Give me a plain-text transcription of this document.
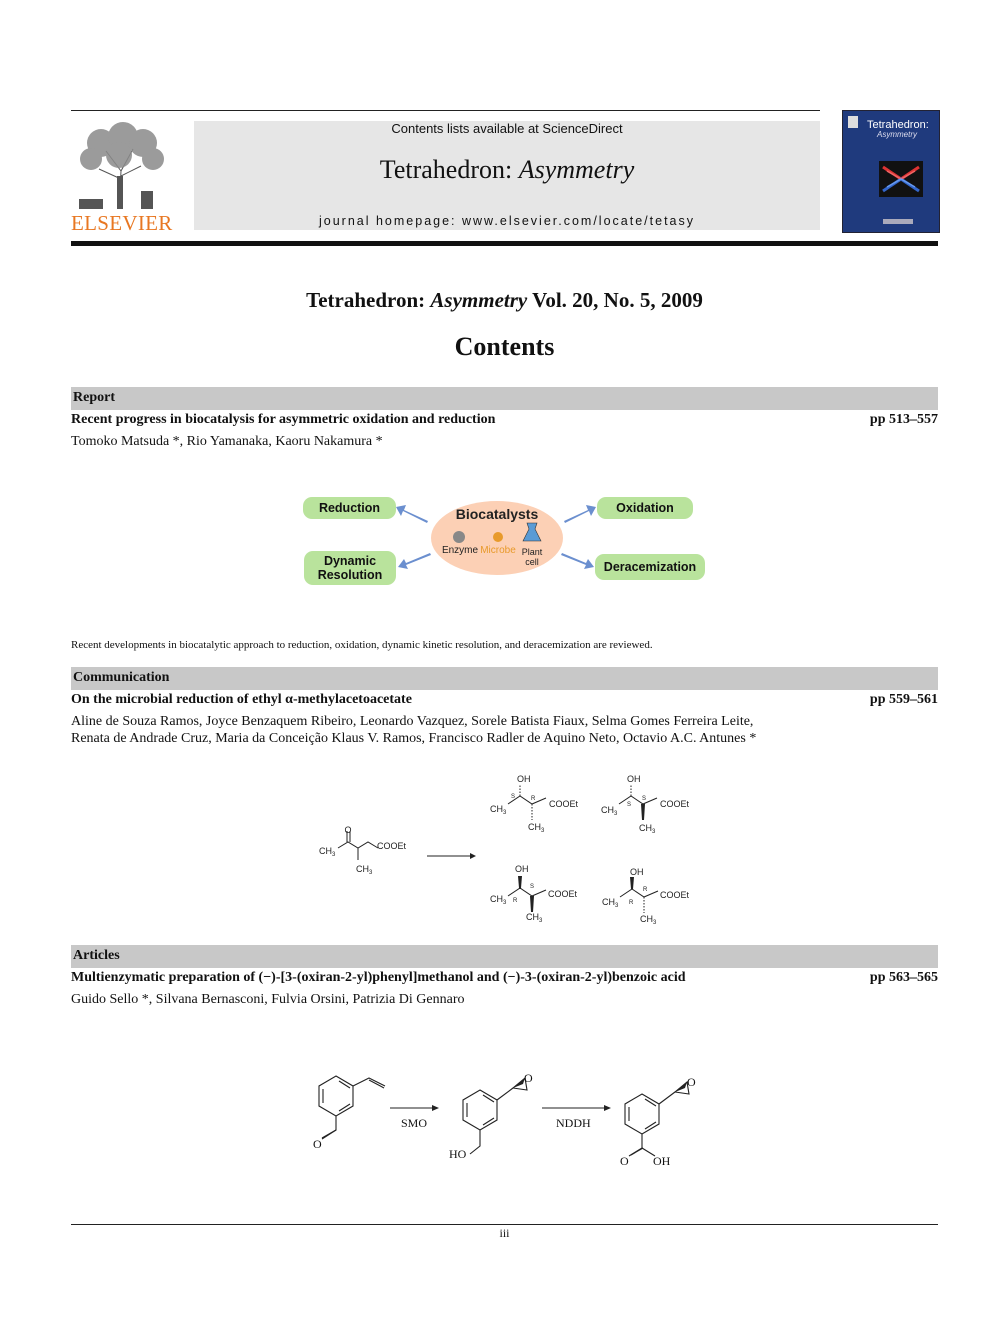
ELSEVIER
Contents lists available at ScienceDirect
Tetrahedron: Asymmetry
journal homepage: www.elsevier.com/locate/tetasy
Tetrahedron:
Asymmetry
Tetrahedron: Asymmetry Vol. 20, No. 5, 2009
Contents
Report
Recent progress in biocatalysis for asymmetric oxidation and reduction	pp 513–557
Tomoko Matsuda *, Rio Yamanaka, Kaoru Nakamura *
Biocatalysts
Enzyme Microbe Plant
cell
Reduction	Oxidation
Dynamic
Resolution
Deracemization
Recent developments in biocatalytic approach to reduction, oxidation, dynamic kinetic resolution, and deracemization are reviewed.
Communication
On the microbial reduction of ethyl α-methylacetoacetate	pp 559–561
Aline de Souza Ramos, Joyce Benzaquem Ribeiro, Leonardo Vazquez, Sorele Batista Fiaux, Selma Gomes Ferreira Leite,
Renata de Andrade Cruz, Maria da Conceição Klaus V. Ramos, Francisco Radler de Aquino Neto, Octavio A.C. Antunes *
O
CH 3
COOEt
CH 3
OH
S	R
CH 3
COOEt
CH 3
OH
S
S
CH 3
COOEt
CH 3
OH
R
S
CH 3
COOEt
CH 3
OH
R
R
CH 3
COOEt
CH 3
Articles
Multienzymatic preparation of (−)-[3-(oxiran-2-yl)phenyl]methanol and (−)-3-(oxiran-2-yl)benzoic acid	pp 563–565
Guido Sello *, Silvana Bernasconi, Fulvia Orsini, Patrizia Di Gennaro
O
SMO
O
HO
NDDH
O
O OH
iii
